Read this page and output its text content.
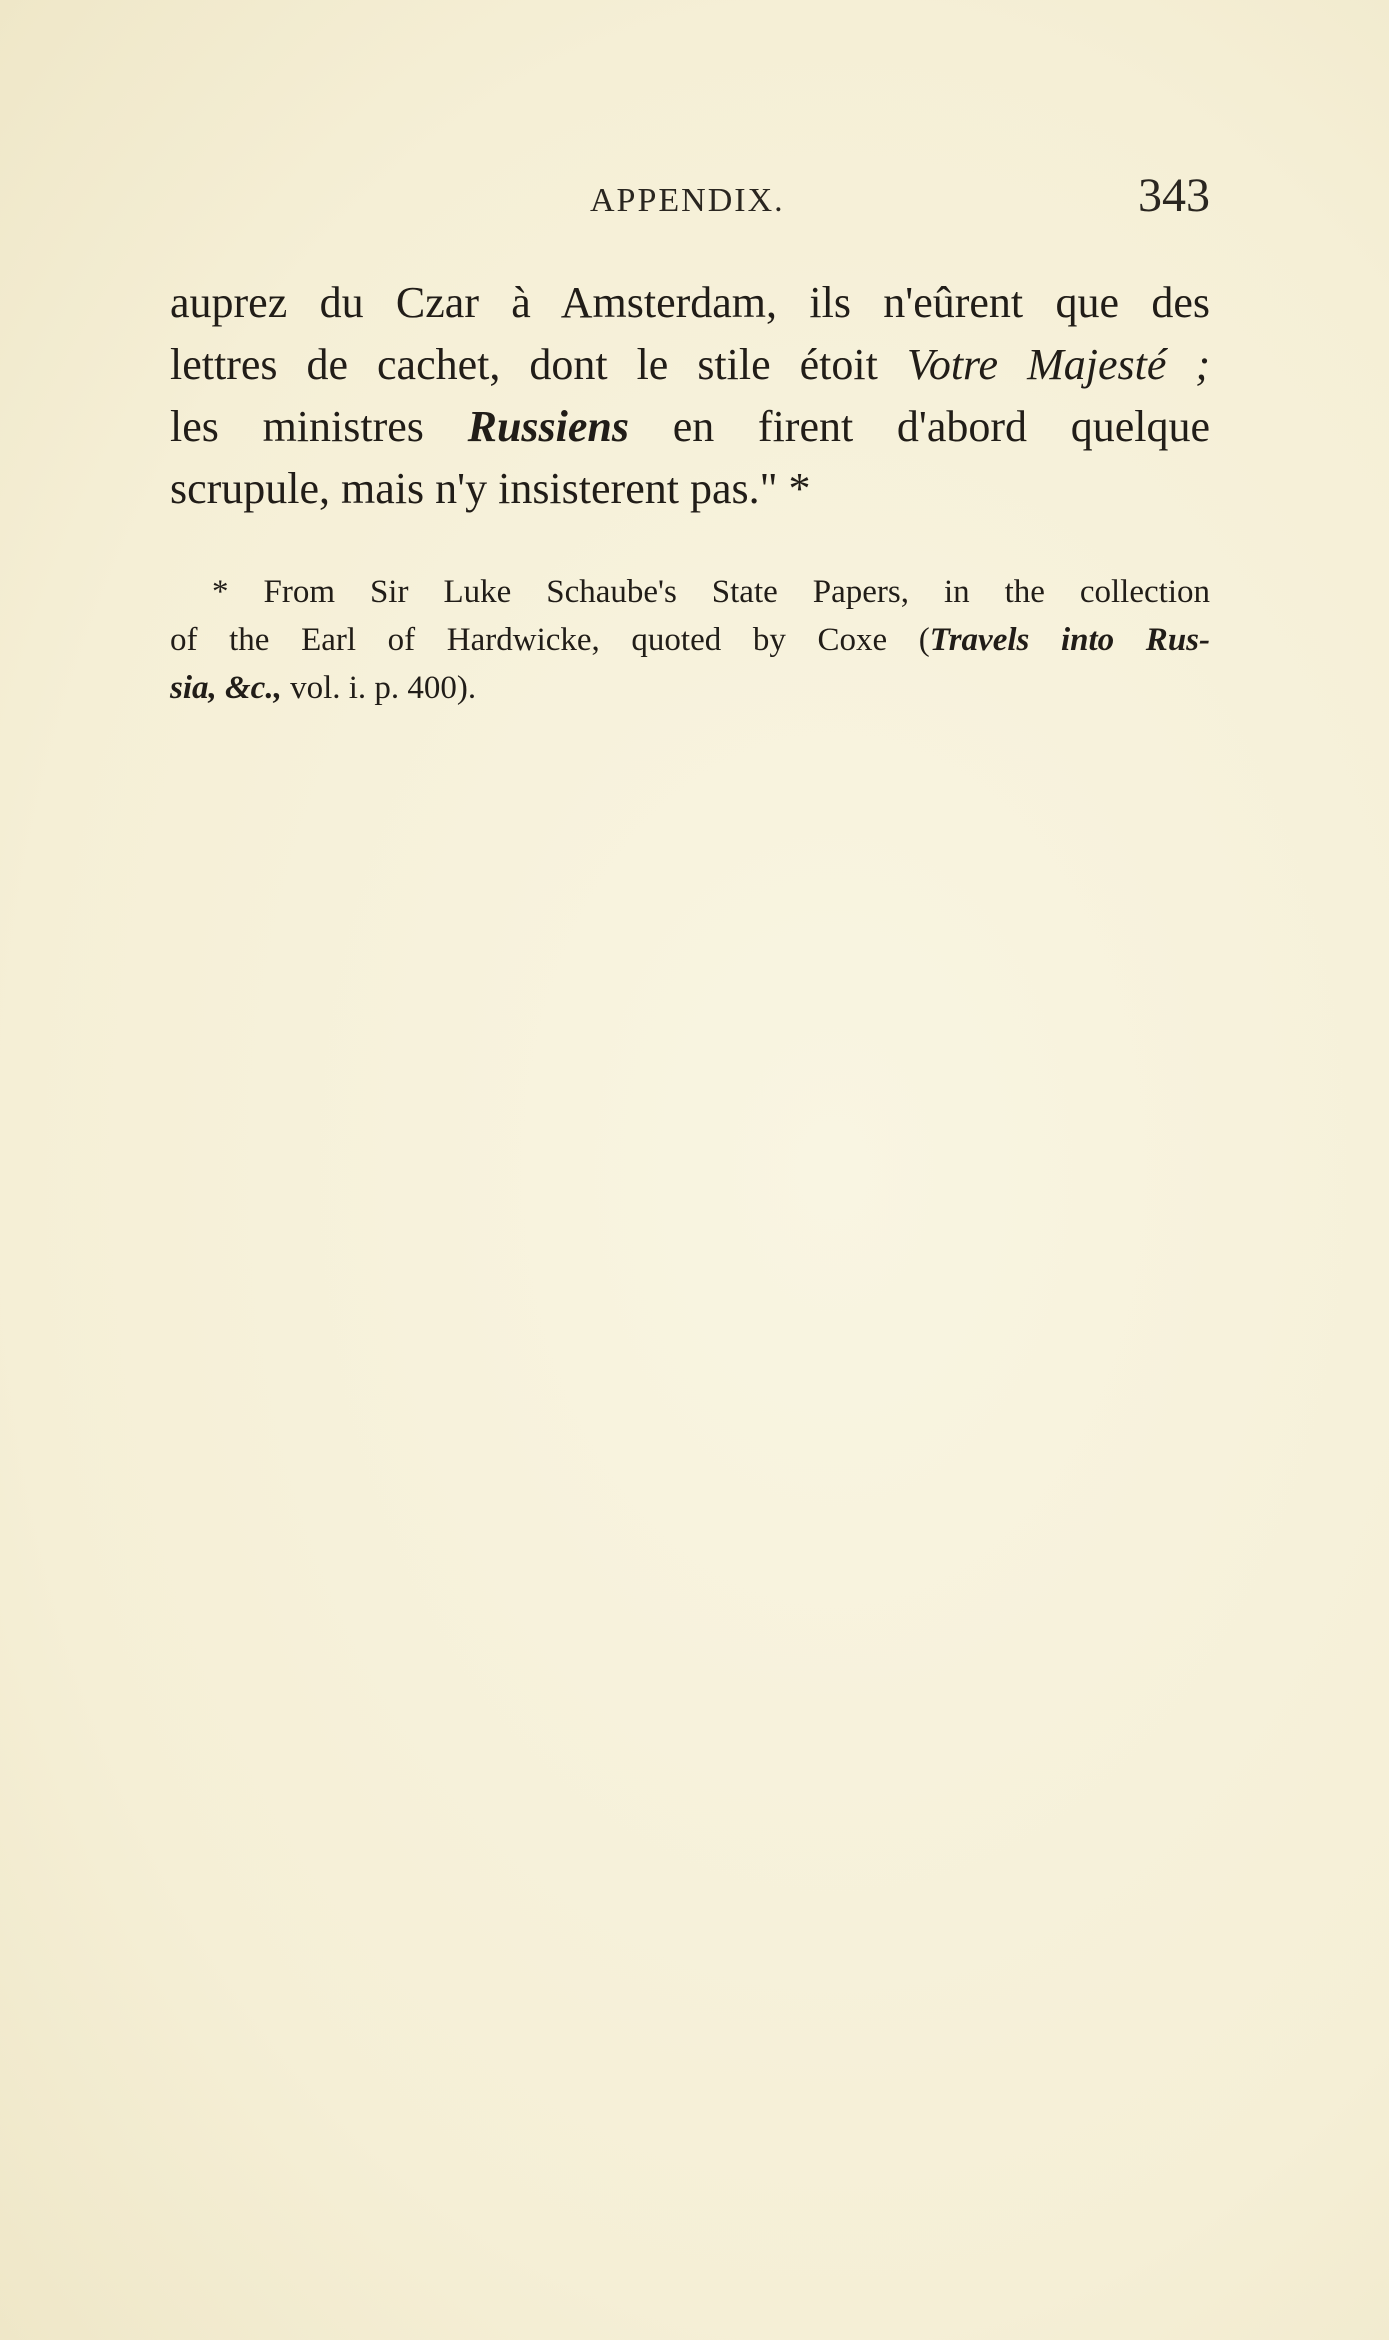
APPENDIX.	343
auprez du Czar à Amsterdam, ils n'eûrent que des
lettres de cachet, dont le stile étoit Votre Majesté ;
les ministres Russiens en firent d'abord quelque
scrupule, mais n'y insisterent pas." *
* From Sir Luke Schaube's State Papers, in the collection
of the Earl of Hardwicke, quoted by Coxe (Travels into Rus-
sia, &c., vol. i. p. 400).
